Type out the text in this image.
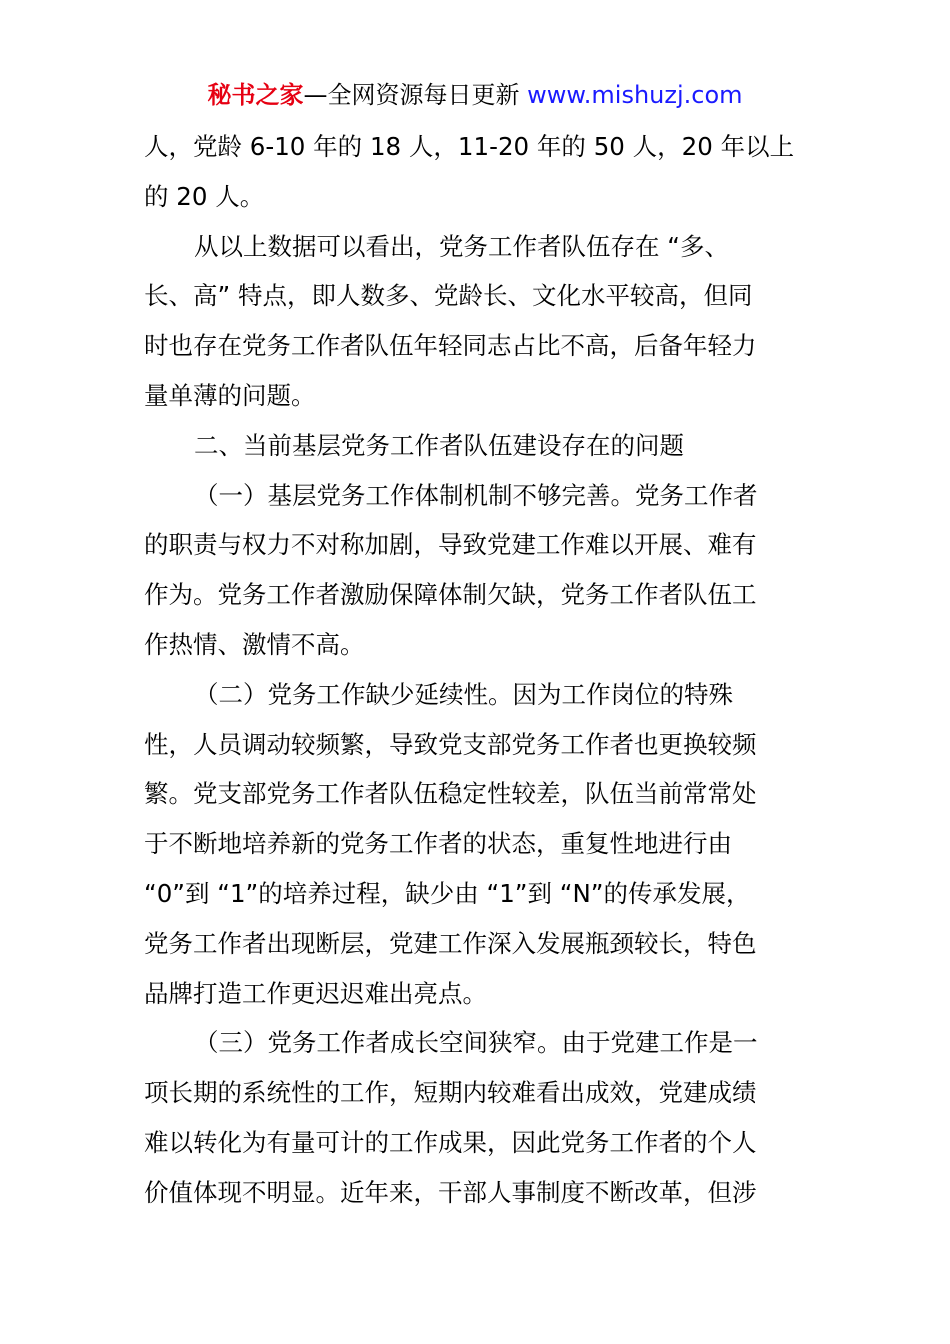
秘书之家—全网资源每日更新 www.mishuzj.com
人，党龄 6-10 年的 18 人，11-20 年的 50 人，20 年以上
的 20 人。
从以上数据可以看出，党务工作者队伍存在 “多、
长、高” 特点，即人数多、党龄长、文化水平较高，但同
时也存在党务工作者队伍年轻同志占比不高，后备年轻力
量单薄的问题。
二、当前基层党务工作者队伍建设存在的问题
（一）基层党务工作体制机制不够完善。党务工作者
的职责与权力不对称加剧，导致党建工作难以开展、难有
作为。党务工作者激励保障体制欠缺，党务工作者队伍工
作热情、激情不高。
（二）党务工作缺少延续性。因为工作岗位的特殊
性，人员调动较频繁，导致党支部党务工作者也更换较频
繁。党支部党务工作者队伍稳定性较差，队伍当前常常处
于不断地培养新的党务工作者的状态，重复性地进行由
“0”到 “1”的培养过程，缺少由 “1”到 “N”的传承发展，
党务工作者出现断层，党建工作深入发展瓶颈较长，特色
品牌打造工作更迟迟难出亮点。
（三）党务工作者成长空间狭窄。由于党建工作是一
项长期的系统性的工作，短期内较难看出成效，党建成绩
难以转化为有量可计的工作成果，因此党务工作者的个人
价值体现不明显。近年来，干部人事制度不断改革，但涉
